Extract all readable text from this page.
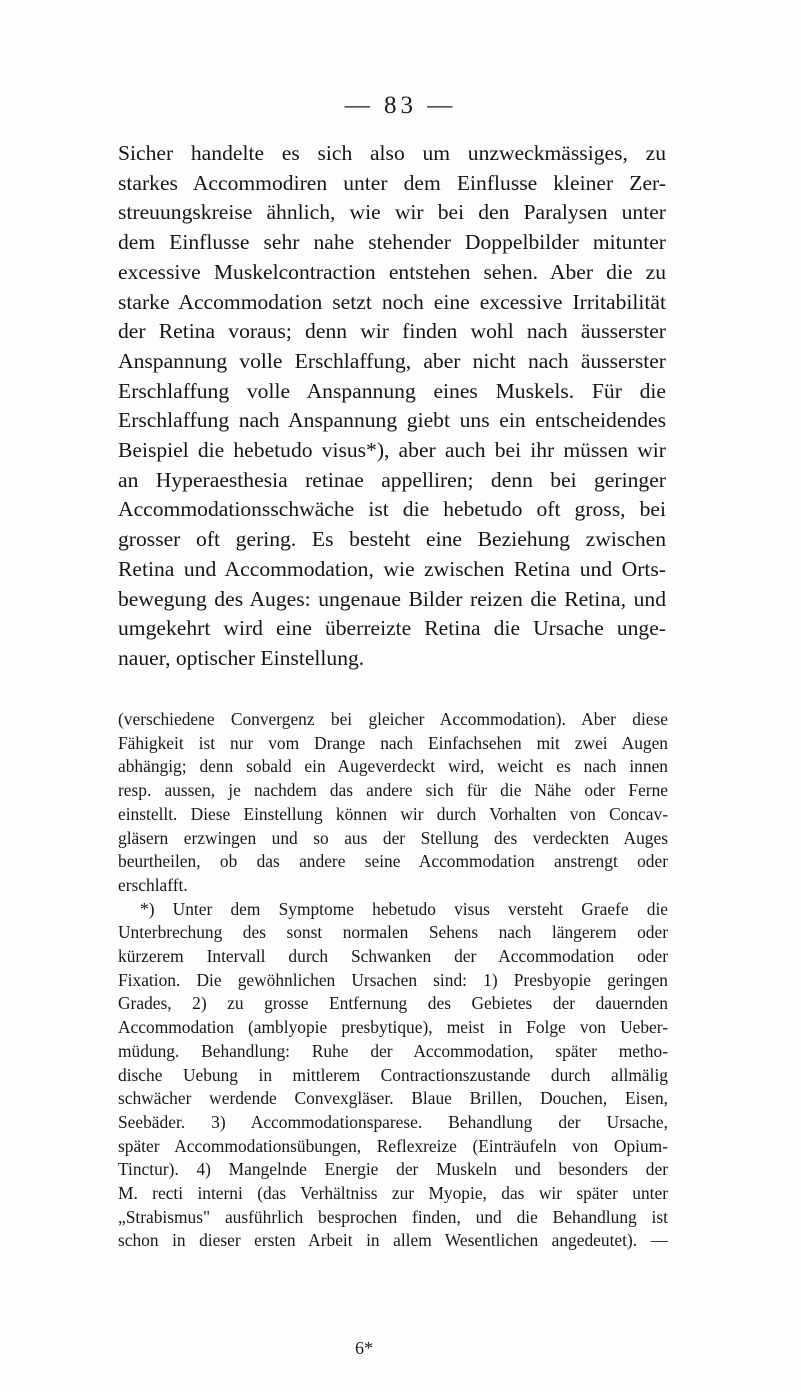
— 83 —
Sicher handelte es sich also um unzweckmässiges, zu
starkes Accommodiren unter dem Einflusse kleiner Zer-
streuungskreise ähnlich, wie wir bei den Paralysen unter
dem Einflusse sehr nahe stehender Doppelbilder mitunter
excessive Muskelcontraction entstehen sehen. Aber die zu
starke Accommodation setzt noch eine excessive Irritabilität
der Retina voraus; denn wir finden wohl nach äusserster
Anspannung volle Erschlaffung, aber nicht nach äusserster
Erschlaffung volle Anspannung eines Muskels. Für die
Erschlaffung nach Anspannung giebt uns ein entscheidendes
Beispiel die hebetudo visus*), aber auch bei ihr müssen wir
an Hyperaesthesia retinae appelliren; denn bei geringer
Accommodationsschwäche ist die hebetudo oft gross, bei
grosser oft gering. Es besteht eine Beziehung zwischen
Retina und Accommodation, wie zwischen Retina und Orts-
bewegung des Auges: ungenaue Bilder reizen die Retina, und
umgekehrt wird eine überreizte Retina die Ursache unge-
nauer, optischer Einstellung.
(verschiedene Convergenz bei gleicher Accommodation). Aber diese
Fähigkeit ist nur vom Drange nach Einfachsehen mit zwei Augen
abhängig; denn sobald ein Augeverdeckt wird, weicht es nach innen
resp. aussen, je nachdem das andere sich für die Nähe oder Ferne
einstellt. Diese Einstellung können wir durch Vorhalten von Concav-
gläsern erzwingen und so aus der Stellung des verdeckten Auges
beurtheilen, ob das andere seine Accommodation anstrengt oder
erschlafft.
*) Unter dem Symptome hebetudo visus versteht Graefe die
Unterbrechung des sonst normalen Sehens nach längerem oder
kürzerem Intervall durch Schwanken der Accommodation oder
Fixation. Die gewöhnlichen Ursachen sind: 1) Presbyopie geringen
Grades, 2) zu grosse Entfernung des Gebietes der dauernden
Accommodation (amblyopie presbytique), meist in Folge von Ueber-
müdung. Behandlung: Ruhe der Accommodation, später metho-
dische Uebung in mittlerem Contractionszustande durch allmälig
schwächer werdende Convexgläser. Blaue Brillen, Douchen, Eisen,
Seebäder. 3) Accommodationsparese. Behandlung der Ursache,
später Accommodationsübungen, Reflexreize (Einträufeln von Opium-
Tinctur). 4) Mangelnde Energie der Muskeln und besonders der
M. recti interni (das Verhältniss zur Myopie, das wir später unter
„Strabismus" ausführlich besprochen finden, und die Behandlung ist
schon in dieser ersten Arbeit in allem Wesentlichen angedeutet). —
6*
